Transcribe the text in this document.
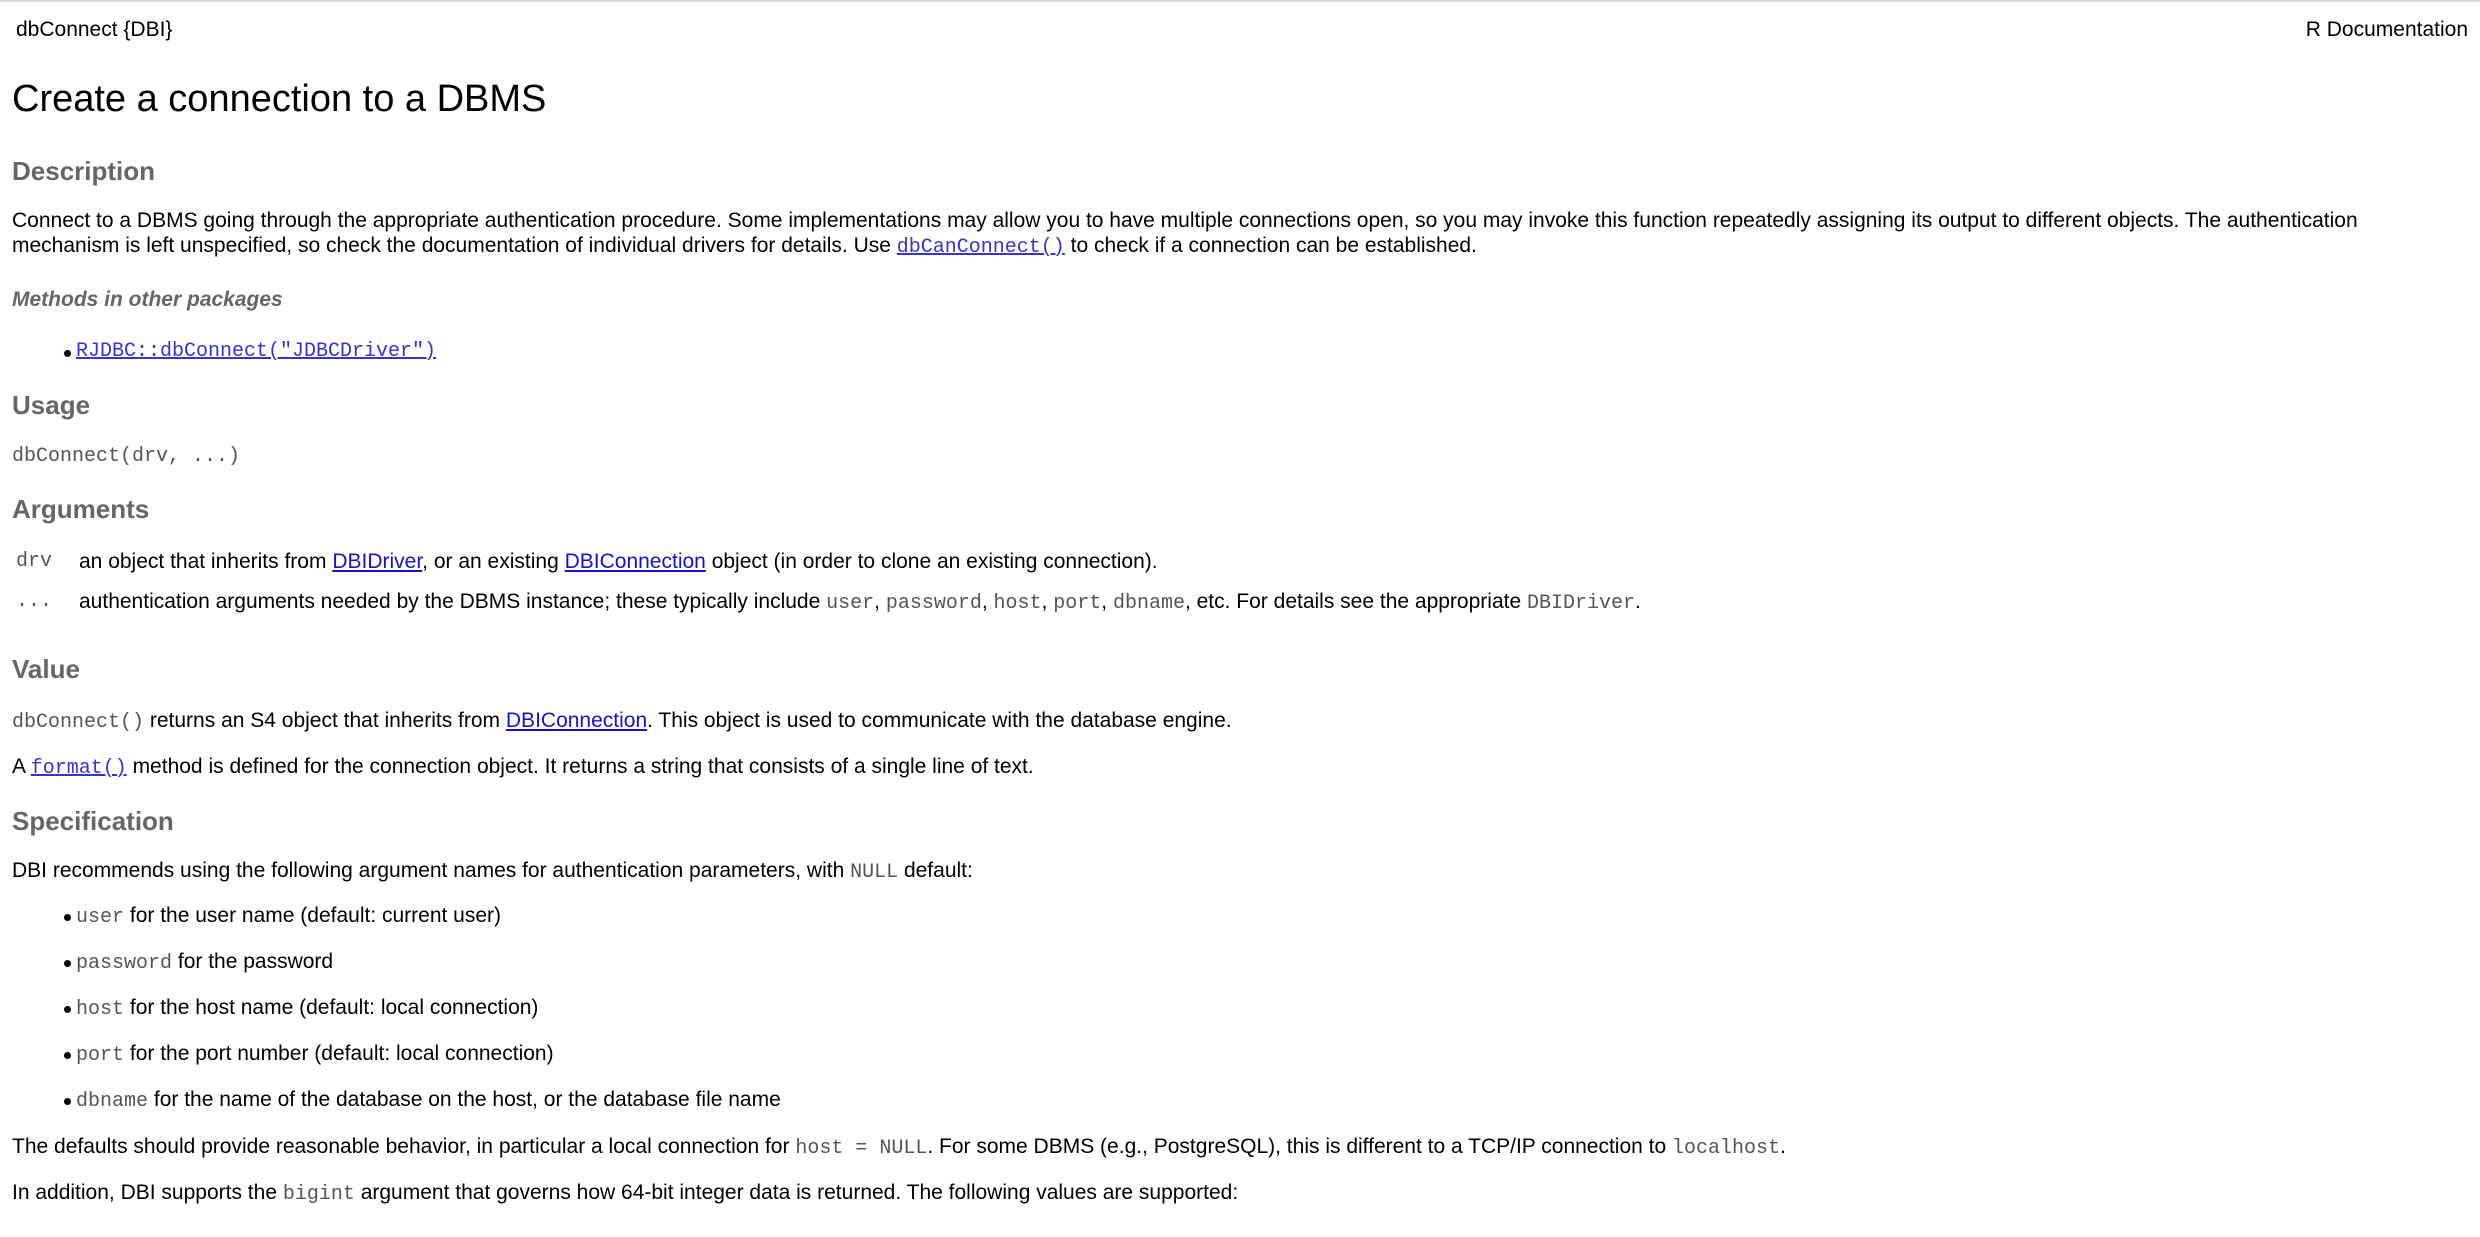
dbConnect {DBI}	R Documentation
Create a connection to a DBMS
Description

Connect to a DBMS going through the appropriate authentication procedure. Some implementations may allow you to have multiple connections open, so you may invoke this function repeatedly assigning its output to different objects. The authentication
mechanism is left unspecified, so check the documentation of individual drivers for details. Use dbCanConnect() to check if a connection can be established.

Methods in other packages
RJDBC::dbConnect("JDBCDriver")
Usage
dbConnect(drv, ...)
Arguments
drv an object that inherits from DBIDriver, or an existing DBIConnection object (in order to clone an existing connection).
... authentication arguments needed by the DBMS instance; these typically include user, password, host, port, dbname, etc. For details see the appropriate DBIDriver.
Value

dbConnect() returns an S4 object that inherits from DBIConnection. This object is used to communicate with the database engine.

A format() method is defined for the connection object. It returns a string that consists of a single line of text.

Specification

DBI recommends using the following argument names for authentication parameters, with NULL default:

user for the user name (default: current user)
password for the password
host for the host name (default: local connection)
port for the port number (default: local connection)
dbname for the name of the database on the host, or the database file name

The defaults should provide reasonable behavior, in particular a local connection for host = NULL. For some DBMS (e.g., PostgreSQL), this is different to a TCP/IP connection to localhost.

In addition, DBI supports the bigint argument that governs how 64-bit integer data is returned. The following values are supported:
